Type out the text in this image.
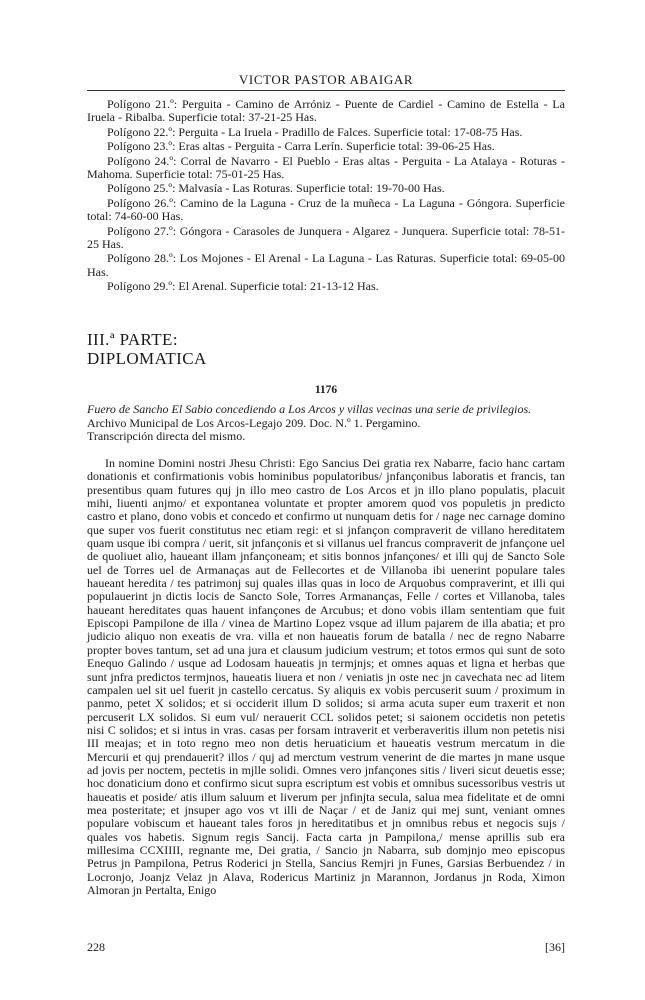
VICTOR PASTOR ABAIGAR

Polígono 21.º: Perguita - Camino de Arróniz - Puente de Cardiel - Camino de Estella - La Iruela - Ribalba. Superficie total: 37-21-25 Has.

Polígono 22.º: Perguita - La Iruela - Pradillo de Falces. Superficie total: 17-08-75 Has.

Polígono 23.º: Eras altas - Perguita - Carra Lerín. Superficie total: 39-06-25 Has.

Polígono 24.º: Corral de Navarro - El Pueblo - Eras altas - Perguita - La Atalaya - Roturas - Mahoma. Superficie total: 75-01-25 Has.

Polígono 25.º: Malvasía - Las Roturas. Superficie total: 19-70-00 Has.

Polígono 26.º: Camino de la Laguna - Cruz de la muñeca - La Laguna - Góngora. Superficie total: 74-60-00 Has.

Polígono 27.º: Góngora - Carasoles de Junquera - Algarez - Junquera. Superficie total: 78-51-25 Has.

Polígono 28.º: Los Mojones - El Arenal - La Laguna - Las Raturas. Superficie total: 69-05-00 Has.

Polígono 29.º: El Arenal. Superficie total: 21-13-12 Has.

III.ª PARTE:
DIPLOMATICA
1176
Fuero de Sancho El Sabio concediendo a Los Arcos y villas vecinas una serie de privilegios.
Archivo Municipal de Los Arcos-Legajo 209. Doc. N.º 1. Pergamino.
Transcripción directa del mismo.
In nomine Domini nostri Jhesu Christi: Ego Sancius Dei gratia rex Nabarre, facio hanc cartam donationis et confirmationis vobis hominibus populatoribus/ jnfançonibus laboratis et francis, tan presentibus quam futures quj jn illo meo castro de Los Arcos et jn illo plano populatis, placuit mihi, liuenti anjmo/ et expontanea voluntate et propter amorem quod vos populetis jn predicto castro et plano, dono vobis et concedo et confirmo ut nunquam detis for / nage nec carnage domino que super vos fuerit constitutus nec etiam regi: et si jnfançon compraverit de villano hereditatem quam usque ibi compra / uerit, sit jnfançonis et si villanus uel francus compraverit de jnfançone uel de quoliuet alio, haueant illam jnfançoneam; et sitis bonnos jnfançones/ et illi quj de Sancto Sole uel de Torres uel de Armanaças aut de Fellecortes et de Villanoba ibi uenerint populare tales haueant heredita / tes patrimonj suj quales illas quas in loco de Arquobus compraverint, et illi qui populauerint jn dictis locis de Sancto Sole, Torres Armananças, Felle / cortes et Villanoba, tales haueant hereditates quas hauent infançones de Arcubus; et dono vobis illam sententiam que fuit Episcopi Pampilone de illa / vinea de Martino Lopez vsque ad illum pajarem de illa abatia; et pro judicio aliquo non exeatis de vra. villa et non haueatis forum de batalla / nec de regno Nabarre propter boves tantum, set ad una jura et clausum judicium vestrum; et totos ermos qui sunt de soto Enequo Galindo / usque ad Lodosam haueatis jn termjnjs; et omnes aquas et ligna et herbas que sunt jnfra predictos termjnos, haueatis liuera et non / veniatis jn oste nec jn cavechata nec ad litem campalen uel sit uel fuerit jn castello cercatus. Sy aliquis ex vobis percuserit suum / proximum in panmo, petet X solidos; et si occiderit illum D solidos; si arma acuta super eum traxerit et non percuserit LX solidos. Si eum vul/ nerauerit CCL solidos petet; si saionem occidetis non petetis nisi C solidos; et si intus in vras. casas per forsam intraverit et verberaveritis illum non petetis nisi III meajas; et in toto regno meo non detis heruaticium et haueatis vestrum mercatum in die Mercurii et quj prendauerit? illos / quj ad merctum vestrum venerint de die martes jn mane usque ad jovis per noctem, pectetis in mjlle solidi. Omnes vero jnfançones sitis / liveri sicut deuetis esse; hoc donaticium dono et confirmo sicut supra escriptum est vobis et omnibus sucessoribus vestris ut haueatis et poside/ atis illum saluum et liverum per jnfinjta secula, salua mea fidelitate et de omni mea posteritate; et jnsuper ago vos vt illi de Naçar / et de Janiz qui mej sunt, veniant omnes populare vobiscum et haueant tales foros jn hereditatibus et jn omnibus rebus et negocis sujs / quales vos habetis. Signum regis Sancij. Facta carta jn Pampilona,/ mense aprillis sub era millesima CCXIIII, regnante me, Dei gratia, / Sancio jn Nabarra, sub domjnjo meo episcopus Petrus jn Pampilona, Petrus Roderici jn Stella, Sancius Remjri jn Funes, Garsias Berbuendez / in Locronjo, Joanjz Velaz jn Alava, Rodericus Martiniz jn Marannon, Jordanus jn Roda, Ximon Almoran jn Pertalta, Enigo
228	[36]
